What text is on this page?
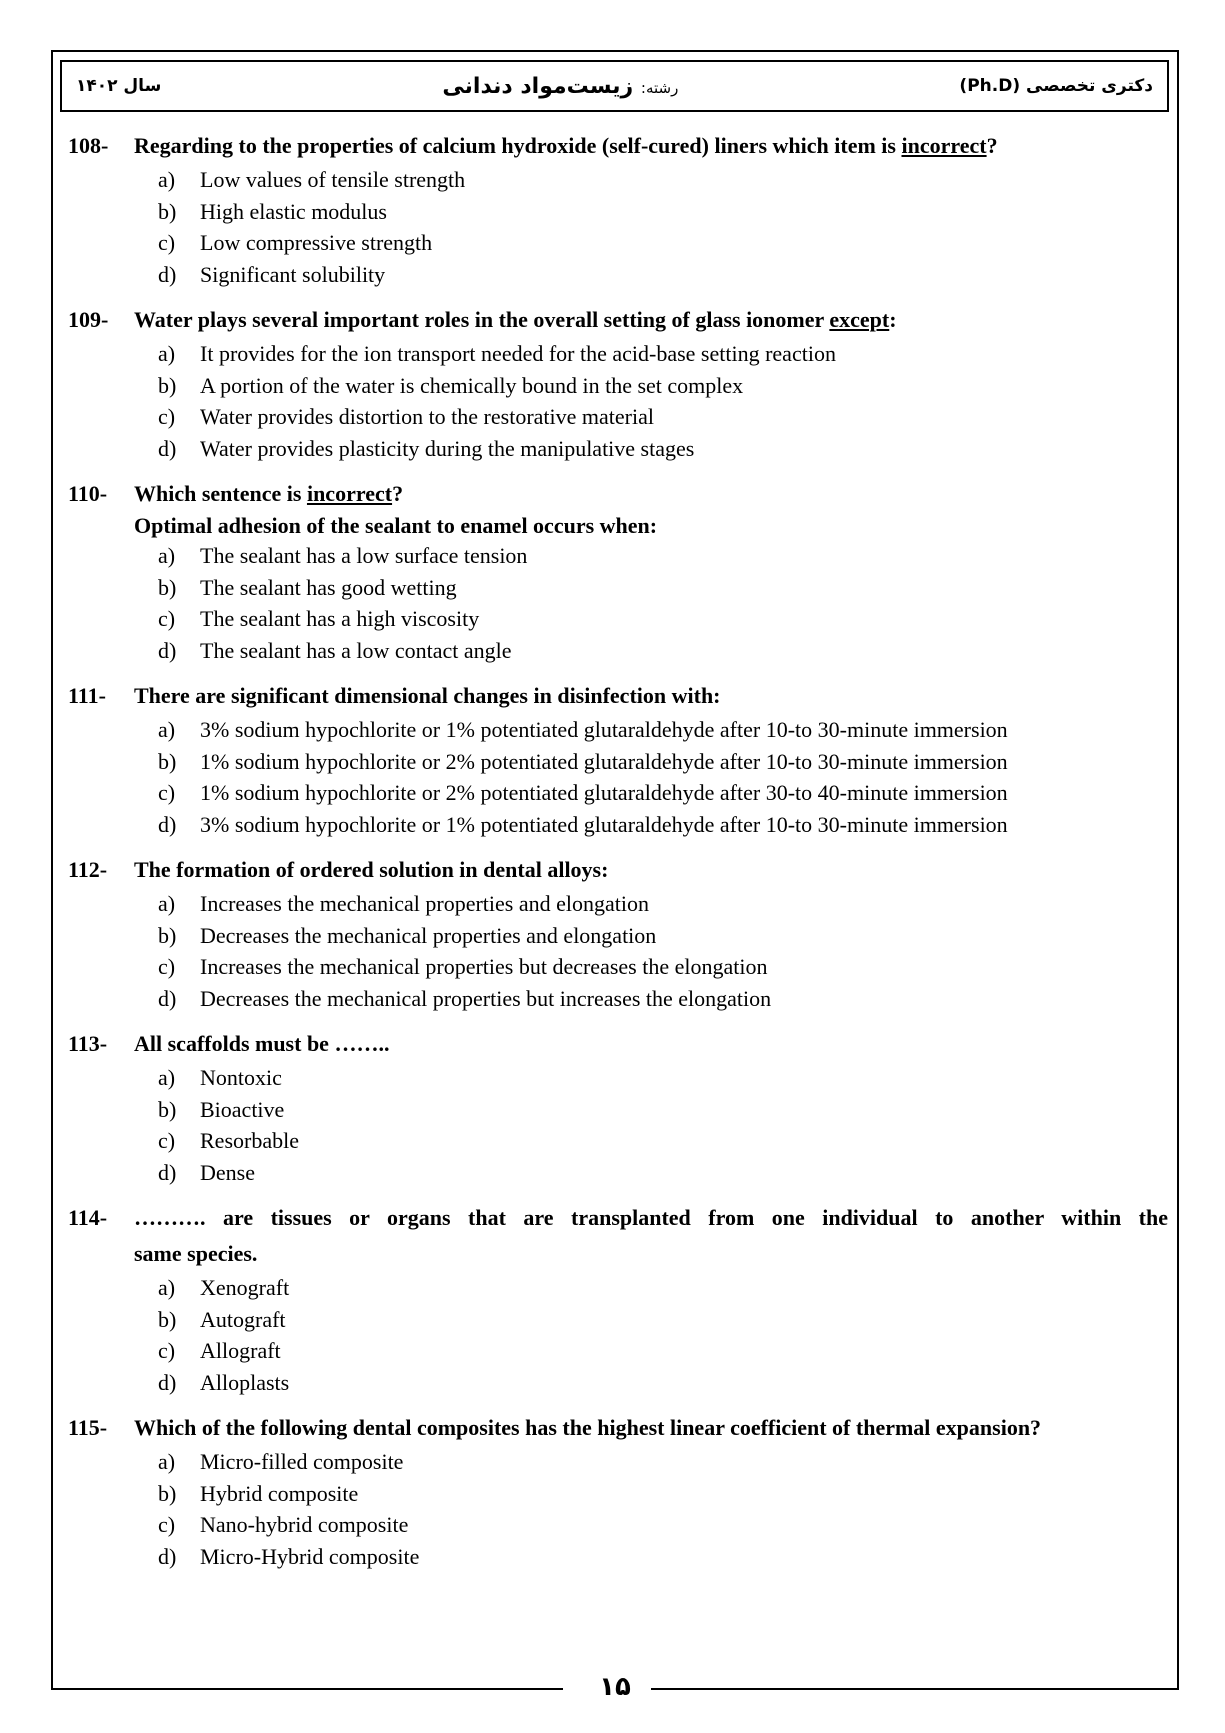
سال ۱۴۰۲	رشته: زیست‌مواد دندانی	دکتری تخصصی (Ph.D)
108-	Regarding to the properties of calcium hydroxide (self-cured) liners which item is incorrect?
a)	Low values of tensile strength
b)	High elastic modulus
c)	Low compressive strength
d)	Significant solubility
109-	Water plays several important roles in the overall setting of glass ionomer except:
a)	It provides for the ion transport needed for the acid-base setting reaction
b)	A portion of the water is chemically bound in the set complex
c)	Water provides distortion to the restorative material
d)	Water provides plasticity during the manipulative stages
110-	Which sentence is incorrect?
Optimal adhesion of the sealant to enamel occurs when:
a)	The sealant has a low surface tension
b)	The sealant has good wetting
c)	The sealant has a high viscosity
d)	The sealant has a low contact angle
111-	There are significant dimensional changes in disinfection with:
a)	3% sodium hypochlorite or 1% potentiated glutaraldehyde after 10-to 30-minute immersion
b)	1% sodium hypochlorite or 2% potentiated glutaraldehyde after 10-to 30-minute immersion
c)	1% sodium hypochlorite or 2% potentiated glutaraldehyde after 30-to 40-minute immersion
d)	3% sodium hypochlorite or 1% potentiated glutaraldehyde after 10-to 30-minute immersion
112-	The formation of ordered solution in dental alloys:
a)	Increases the mechanical properties and elongation
b)	Decreases the mechanical properties and elongation
c)	Increases the mechanical properties but decreases the elongation
d)	Decreases the mechanical properties but increases the elongation
113-	All scaffolds must be ……..
a)	Nontoxic
b)	Bioactive
c)	Resorbable
d)	Dense
114-	………. are tissues or organs that are transplanted from one individual to another within the
same species.
a)	Xenograft
b)	Autograft
c)	Allograft
d)	Alloplasts
115-	Which of the following dental composites has the highest linear coefficient of thermal expansion?
a)	Micro-filled composite
b)	Hybrid composite
c)	Nano-hybrid composite
d)	Micro-Hybrid composite
۱۵
